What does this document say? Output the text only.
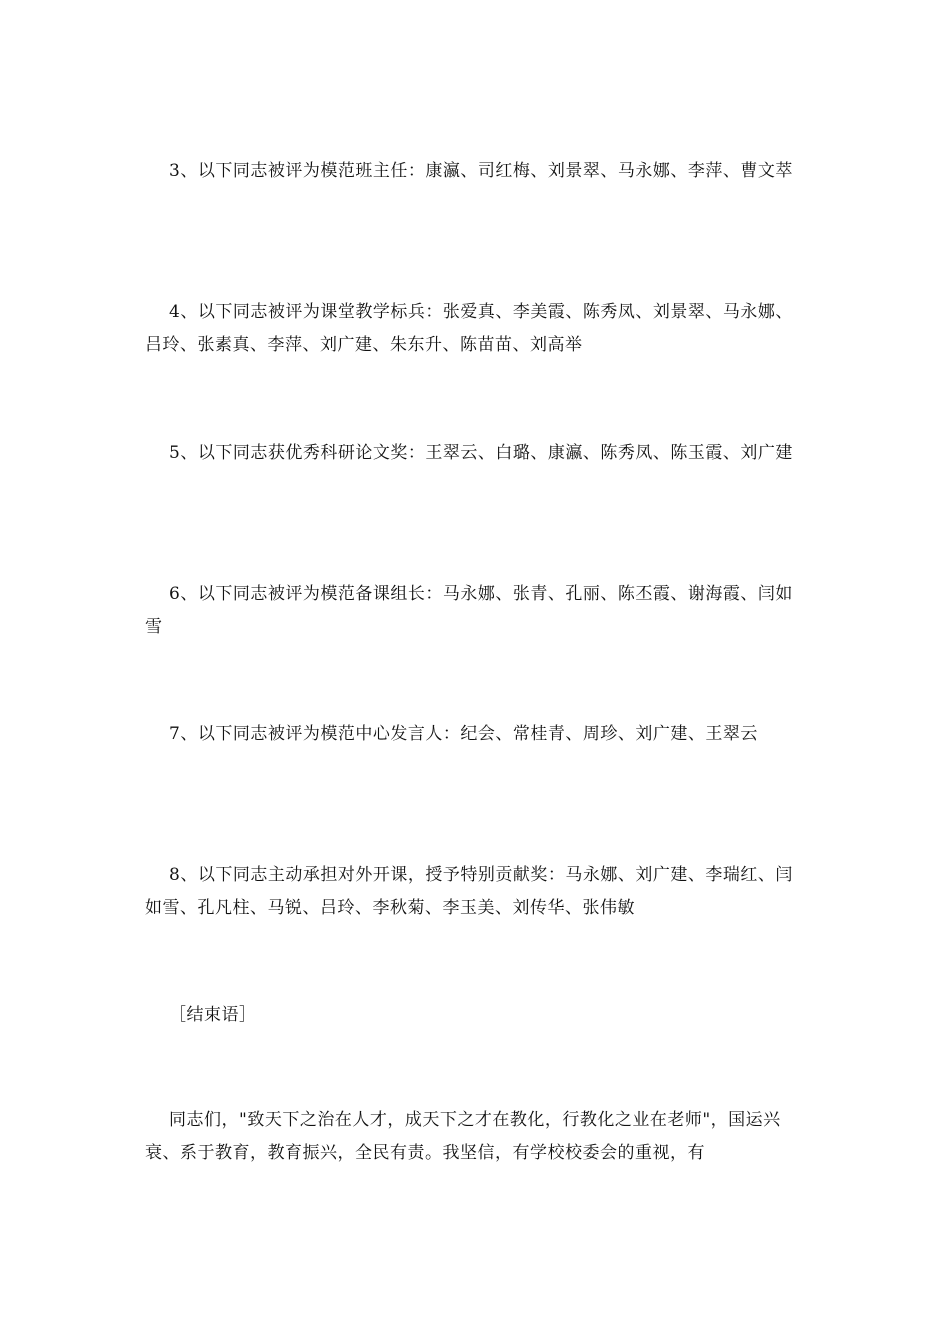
3、以下同志被评为模范班主任：康瀛、司红梅、刘景翠、马永娜、李萍、曹文萃

4、以下同志被评为课堂教学标兵：张爱真、李美霞、陈秀凤、刘景翠、马永娜、吕玲、张素真、李萍、刘广建、朱东升、陈苗苗、刘高举

5、以下同志获优秀科研论文奖：王翠云、白璐、康瀛、陈秀凤、陈玉霞、刘广建

6、以下同志被评为模范备课组长：马永娜、张青、孔丽、陈丕霞、谢海霞、闫如雪

7、以下同志被评为模范中心发言人：纪会、常桂青、周珍、刘广建、王翠云

8、以下同志主动承担对外开课，授予特别贡献奖：马永娜、刘广建、李瑞红、闫如雪、孔凡柱、马锐、吕玲、李秋菊、李玉美、刘传华、张伟敏

［结束语］

同志们，"致天下之治在人才，成天下之才在教化，行教化之业在老师"，国运兴衰、系于教育，教育振兴，全民有责。我坚信，有学校校委会的重视，有
